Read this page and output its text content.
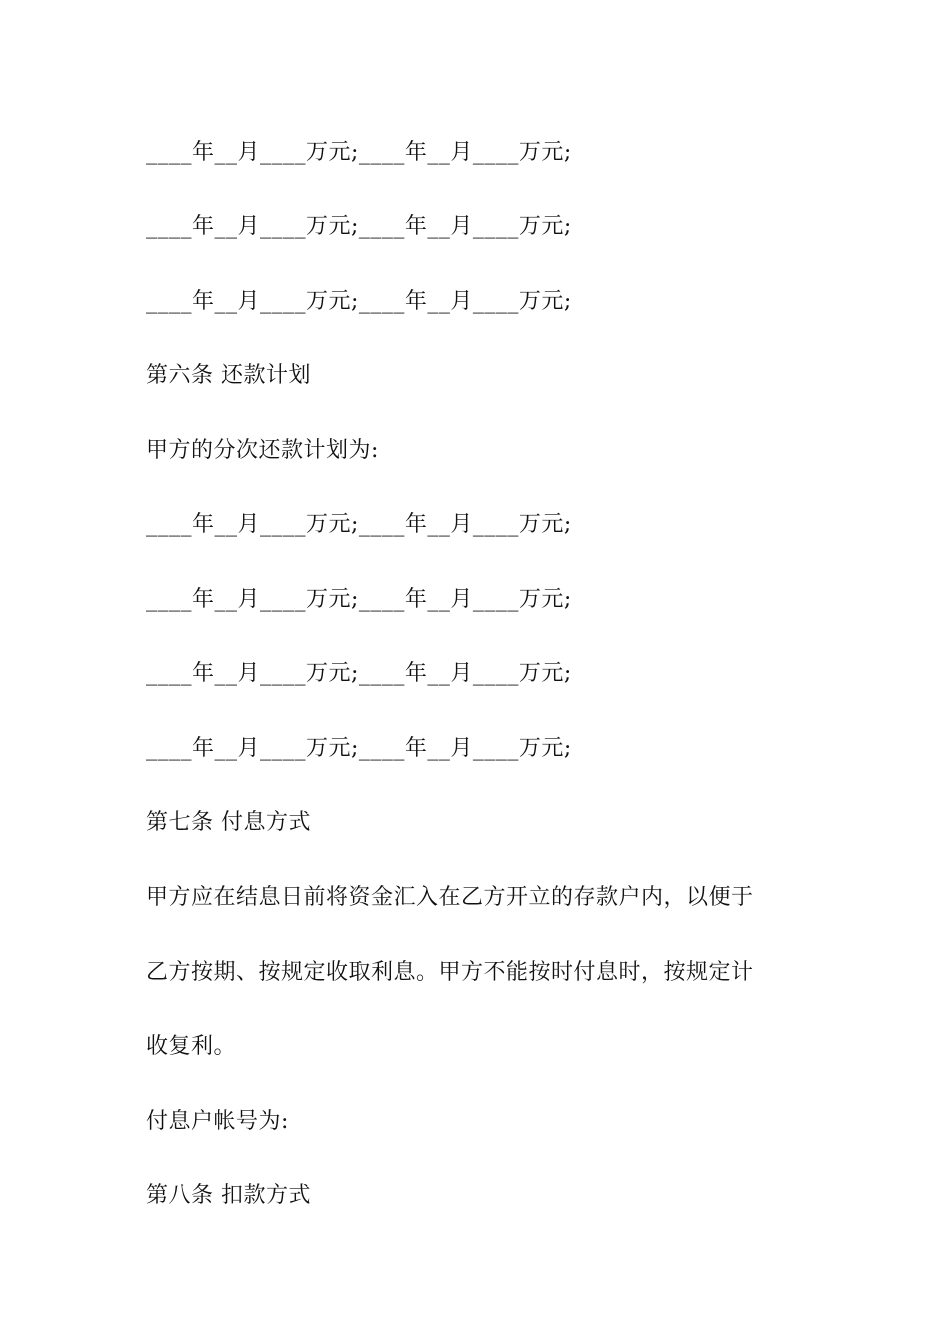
____年__月____万元;____年__月____万元;
____年__月____万元;____年__月____万元;
____年__月____万元;____年__月____万元;
第六条 还款计划
甲方的分次还款计划为:
____年__月____万元;____年__月____万元;
____年__月____万元;____年__月____万元;
____年__月____万元;____年__月____万元;
____年__月____万元;____年__月____万元;
第七条 付息方式
甲方应在结息日前将资金汇入在乙方开立的存款户内，以便于
乙方按期、按规定收取利息。甲方不能按时付息时，按规定计
收复利。
付息户帐号为:
第八条 扣款方式
